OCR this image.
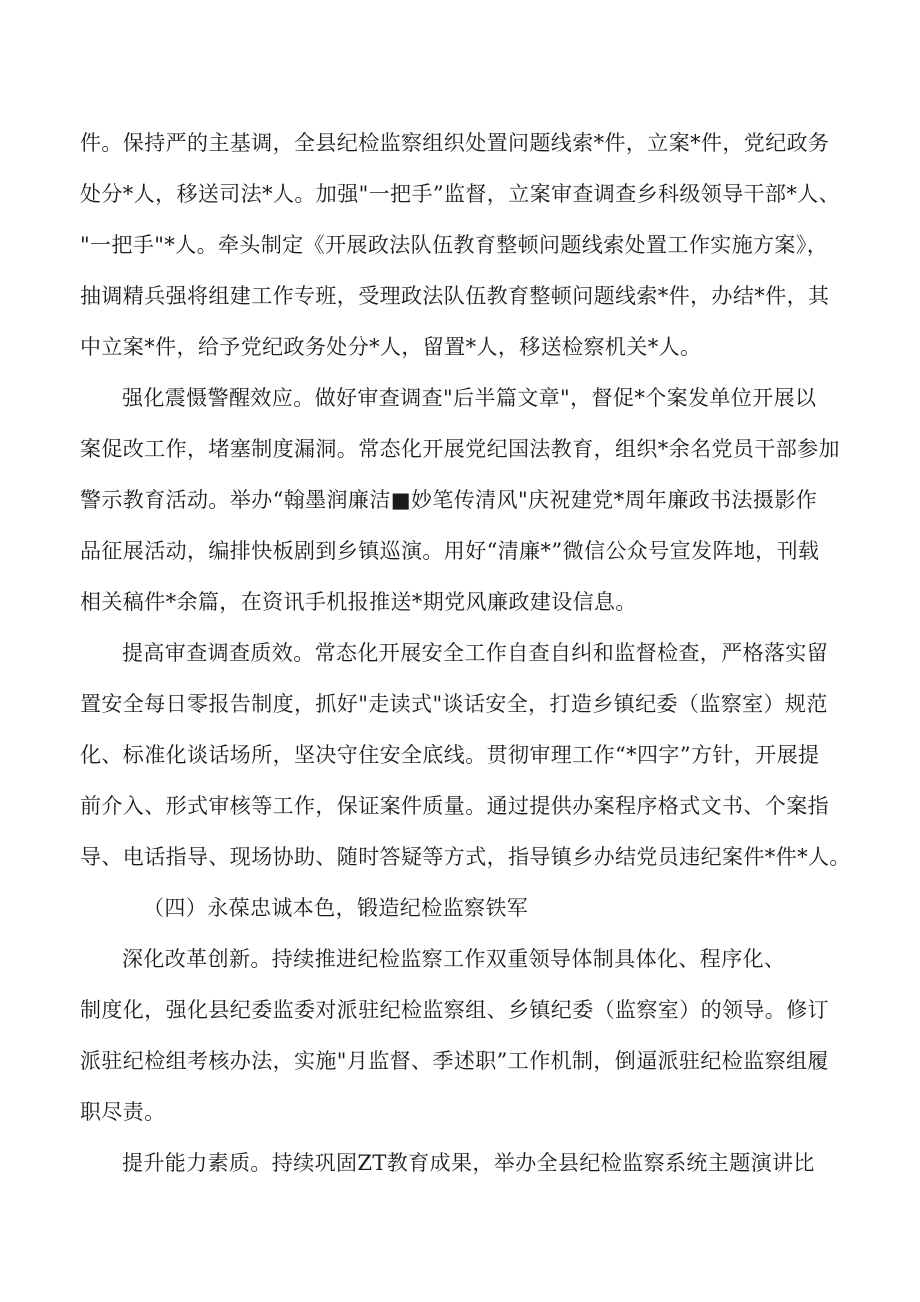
件。保持严的主基调，全县纪检监察组织处置问题线索*件，立案*件，党纪政务
处分*人，移送司法*人。加强"一把手”监督，立案审查调查乡科级领导干部*人、
"一把手"*人。牵头制定《开展政法队伍教育整顿问题线索处置工作实施方案》，
抽调精兵强将组建工作专班，受理政法队伍教育整顿问题线索*件，办结*件，其
中立案*件，给予党纪政务处分*人，留置*人，移送检察机关*人。
强化震慑警醒效应。做好审查调查"后半篇文章"，督促*个案发单位开展以
案促改工作，堵塞制度漏洞。常态化开展党纪国法教育，组织*余名党员干部参加
警示教育活动。举办“翰墨润廉洁■妙笔传清风"庆祝建党*周年廉政书法摄影作
品征展活动，编排快板剧到乡镇巡演。用好“清廉*”微信公众号宣发阵地，刊载
相关稿件*余篇，在资讯手机报推送*期党风廉政建设信息。
提高审查调查质效。常态化开展安全工作自查自纠和监督检查，严格落实留
置安全每日零报告制度，抓好"走读式"谈话安全，打造乡镇纪委（监察室）规范
化、标准化谈话场所，坚决守住安全底线。贯彻审理工作“*四字”方针，开展提
前介入、形式审核等工作，保证案件质量。通过提供办案程序格式文书、个案指
导、电话指导、现场协助、随时答疑等方式，指导镇乡办结党员违纪案件*件*人。
（四）永葆忠诚本色，锻造纪检监察铁军
深化改革创新。持续推进纪检监察工作双重领导体制具体化、程序化、
制度化，强化县纪委监委对派驻纪检监察组、乡镇纪委（监察室）的领导。修订
派驻纪检组考核办法，实施"月监督、季述职”工作机制，倒逼派驻纪检监察组履
职尽责。
提升能力素质。持续巩固ZT教育成果，举办全县纪检监察系统主题演讲比
